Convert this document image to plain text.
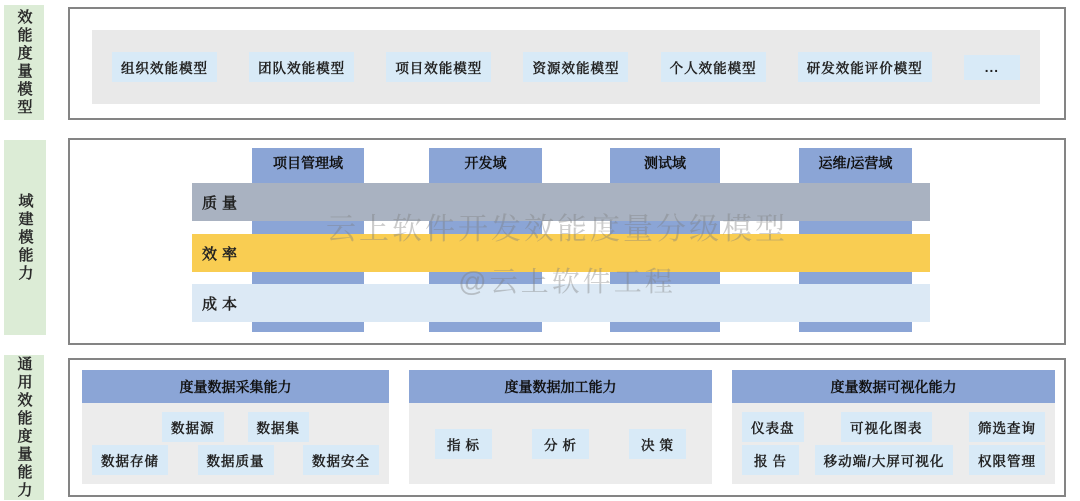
效能度量模型	组织效能模型	团队效能模型	项目效能模型	资源效能模型	个人效能模型	研发效能评价模型	...
域建模能力
项目管理域	开发域	测试域	运维/运营域
质量
效率
成本
云上软件开发效能度量分级模型
@云上软件工程
通用效能度量能力	度量数据采集能力
数据源	数据集
数据存储	数据质量	数据安全
度量数据加工能力
指标	分析	决策
度量数据可视化能力
仪表盘	可视化图表	筛选查询
报告	移动端/大屏可视化	权限管理
